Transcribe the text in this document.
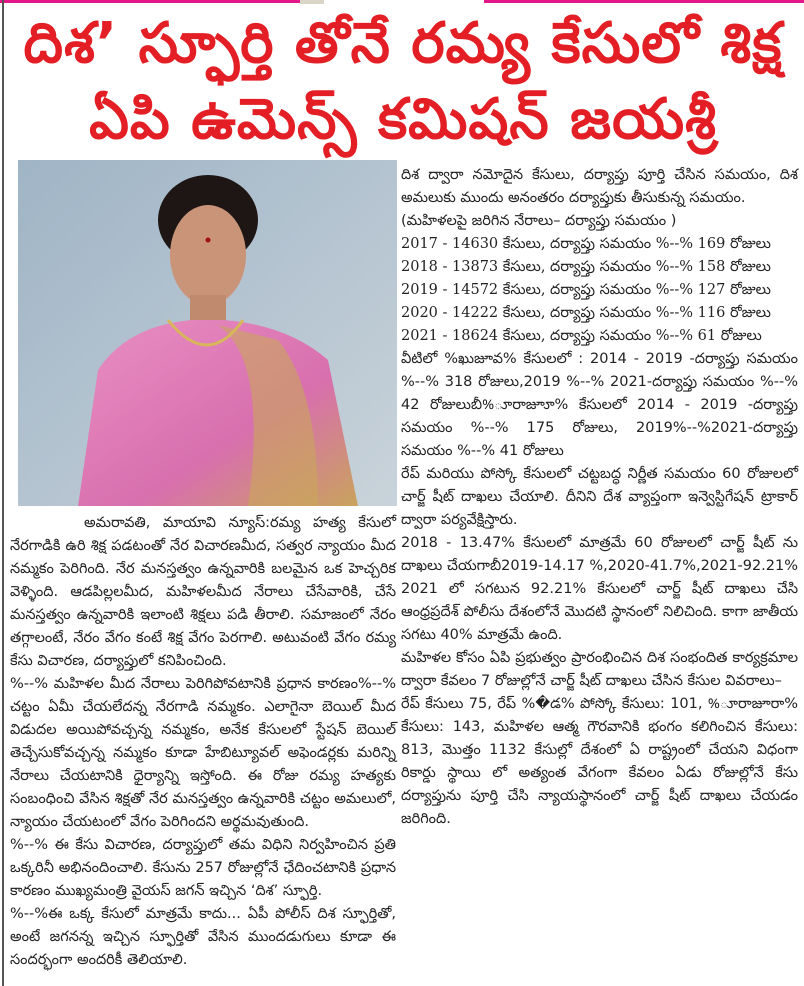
దిశ’ స్ఫూర్తి తోనే రమ్య కేసులో శిక్ష
ఏపి ఉమెన్స్ కమిషన్ జయశ్రీ

అమరావతి, మాయావి న్యూస్:రమ్య హత్య కేసులో నేరగాడికి ఉరి శిక్ష పడటంతో నేర విచారణమీద, సత్వర న్యాయం మీద నమ్మకం పెరిగింది. నేర మనస్తత్వం ఉన్నవారికి బలమైన ఒక హెచ్చరిక వెళ్ళింది. ఆడపిల్లలమీద, మహిళలమీద నేరాలు చేసేవారికి, చేసే మనస్తత్వం ఉన్నవారికి ఇలాంటి శిక్షలు పడి తీరాలి. సమాజంలో నేరం తగ్గాలంటే, నేరం వేగం కంటే శిక్ష వేగం పెరగాలి. అటువంటి వేగం రమ్య కేసు విచారణ, దర్యాప్తులో కనిపించింది.

%--% మహిళల మీద నేరాలు పెరిగిపోవటానికి ప్రధాన కారణం%--% చట్టం ఏమీ చేయలేదన్న నేరగాడి నమ్మకం. ఎలాగైనా బెయిల్ మీద విడుదల అయిపోవచ్చన్న నమ్మకం, అనేక కేసులలో స్టేషన్ బెయిల్ తెచ్చేసుకోవచ్చన్న నమ్మకం కూడా హేబిట్యూవల్ అఫెండర్లకు మరిన్ని నేరాలు చేయటానికి ధైర్యాన్ని ఇస్తోంది. ఈ రోజు రమ్య హత్యకు సంబంధించి వేసిన శిక్షతో నేర మనస్తత్వం ఉన్నవారికి చట్టం అమలులో, న్యాయం చేయటంలో వేగం పెరిగిందని అర్థమవుతుంది.

%--% ఈ కేసు విచారణ, దర్యాప్తులో తమ విధిని నిర్వహించిన ప్రతి ఒక్కరినీ అభినందించాలి. కేసును 257 రోజుల్లోనే ఛేదించటానికి ప్రధాన కారణం ముఖ్యమంత్రి వైయస్ జగన్ ఇచ్చిన ‘దిశ’ స్ఫూర్తి.

%--%ఈ ఒక్క కేసులో మాత్రమే కాదు... ఏపీ పోలీస్ దిశ స్ఫూర్తితో, అంటే జగనన్న ఇచ్చిన స్ఫూర్తితో వేసిన ముందడుగులు కూడా ఈ సందర్భంగా అందరికీ తెలియాలి.

దిశ ద్వారా నమోదైన కేసులు, దర్యాప్తు పూర్తి చేసిన సమయం, దిశ అమలుకు ముందు అనంతరం దర్యాప్తుకు తీసుకున్న సమయం.

(మహిళలపై జరిగిన నేరాలు– దర్యాప్తు సమయం )

2017 - 14630 కేసులు, దర్యాప్తు సమయం %--% 169 రోజులు

2018 - 13873 కేసులు, దర్యాప్తు సమయం %--% 158 రోజులు

2019 - 14572 కేసులు, దర్యాప్తు సమయం %--% 127 రోజులు

2020 - 14222 కేసులు, దర్యాప్తు సమయం %--% 116 రోజులు

2021 - 18624 కేసులు, దర్యాప్తు సమయం %--% 61 రోజులు

వీటిలో %ఖుజూవ% కేసులలో : 2014 - 2019 -దర్యాప్తు సమయం %--% 318 రోజులు,2019 %--% 2021-దర్యాప్తు సమయం %--% 42 రోజులుబీ%ూరాజూూ% కేసులలో 2014 - 2019 -దర్యాప్తు సమయం %--% 175 రోజులు, 2019%--%2021-దర్యాప్తు సమయం %--% 41 రోజులు

రేప్ మరియు పోస్కో కేసులలో చట్టబద్ధ నిర్ణీత సమయం 60 రోజులలో చార్జ్ షీట్ దాఖలు చేయాలి. దీనిని దేశ వ్యాప్తంగా ఇన్వెస్టిగేషన్ ట్రాకార్ ద్వారా పర్యవేక్షిస్తారు.

2018 - 13.47% కేసులలో మాత్రమే 60 రోజులలో చార్జ్ షీట్ ను దాఖలు చేయగాబీ2019-14.17 %,2020-41.7%,2021-92.21%

2021 లో సగటున 92.21% కేసులలో చార్జ్ షీట్ దాఖలు చేసి ఆంధ్రప్రదేశ్ పోలీసు దేశంలోనే మొదటి స్థానంలో నిలిచింది. కాగా జాతీయ సగటు 40% మాత్రమే ఉంది.

మహిళల కోసం ఏపి ప్రభుత్వం ప్రారంభించిన దిశ సంభందిత కార్యక్రమాల ద్వారా కేవలం 7 రోజుల్లోనే చార్జ్ షీట్ దాఖలు చేసిన కేసుల వివరాలు–

రేప్ కేసులు 75, రేప్ %�డ% పోస్కో కేసులు: 101, %ూరాజూరా% కేసులు: 143, మహిళల ఆత్మ గౌరవానికి భంగం కలిగించిన కేసులు: 813, మొత్తం 1132 కేసుల్లో దేశంలో ఏ రాష్ట్రంలో చేయని విధంగా రికార్డు స్థాయి లో అత్యంత వేగంగా కేవలం ఏడు రోజుల్లోనే కేసు దర్యాప్తును పూర్తి చేసి న్యాయస్థానంలో చార్జ్ షీట్ దాఖలు చేయడం జరిగింది.
